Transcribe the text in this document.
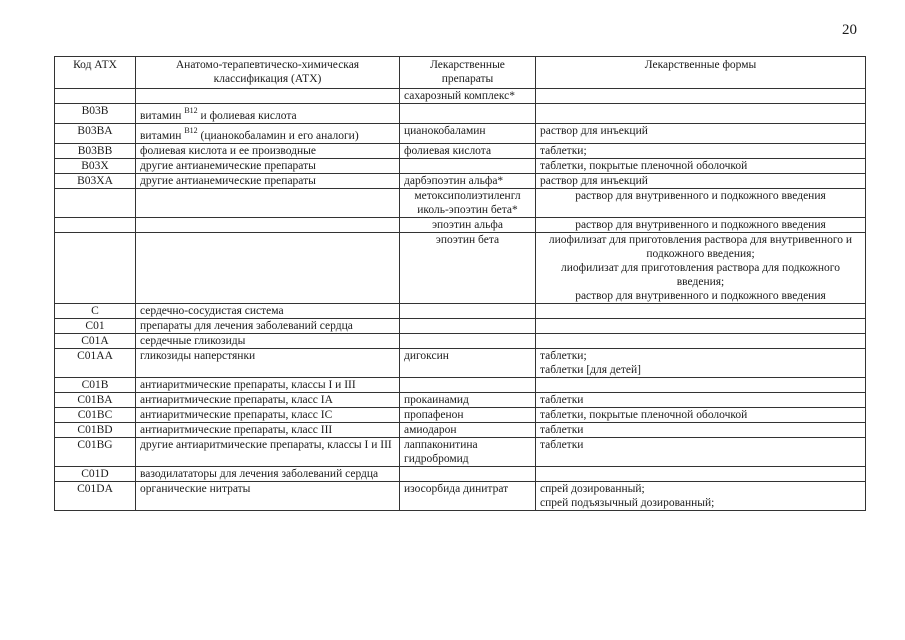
20
Код АТХ	Анатомо-терапевтическо-химическая классификация (АТХ)	Лекарственные препараты	Лекарственные формы
		сахарозный комплекс*	
B03B	витамин $^{B12}$ и фолиевая кислота		
B03BA	витамин $^{B12}$ (цианокобаламин и его аналоги)	цианокобаламин	раствор для инъекций

B03BB	фолиевая кислота и ее производные	фолиевая кислота	таблетки;

B03X	другие антианемические препараты		таблетки, покрытые пленочной оболочкой

B03XA	другие антианемические препараты	дарбэпоэтин альфа*	раствор для инъекций

		метоксиполиэтиленгл иколь-эпоэтин бета*	раствор для внутривенного и подкожного введения

		эпоэтин альфа	раствор для внутривенного и подкожного введения

		эпоэтин бета	лиофилизат для приготовления раствора для внутривенного и подкожного введения;
лиофилизат для приготовления раствора для подкожного введения;
раствор для внутривенного и подкожного введения

C	сердечно-сосудистая система		
C01	препараты для лечения заболеваний сердца		
C01A	сердечные гликозиды		
C01AA	гликозиды наперстянки	дигоксин	таблетки;
таблетки [для детей]

C01B	антиаритмические препараты, классы I и III		
C01BA	антиаритмические препараты, класс IA	прокаинамид	таблетки

C01BC	антиаритмические препараты, класс IC	пропафенон	таблетки, покрытые пленочной оболочкой

C01BD	антиаритмические препараты, класс III	амиодарон	таблетки

C01BG	другие антиаритмические препараты, классы I и III	лаппаконитина гидробромид	таблетки

C01D	вазодилататоры для лечения заболеваний сердца		
C01DA	органические нитраты	изосорбида динитрат	спрей дозированный;
спрей подъязычный дозированный;
